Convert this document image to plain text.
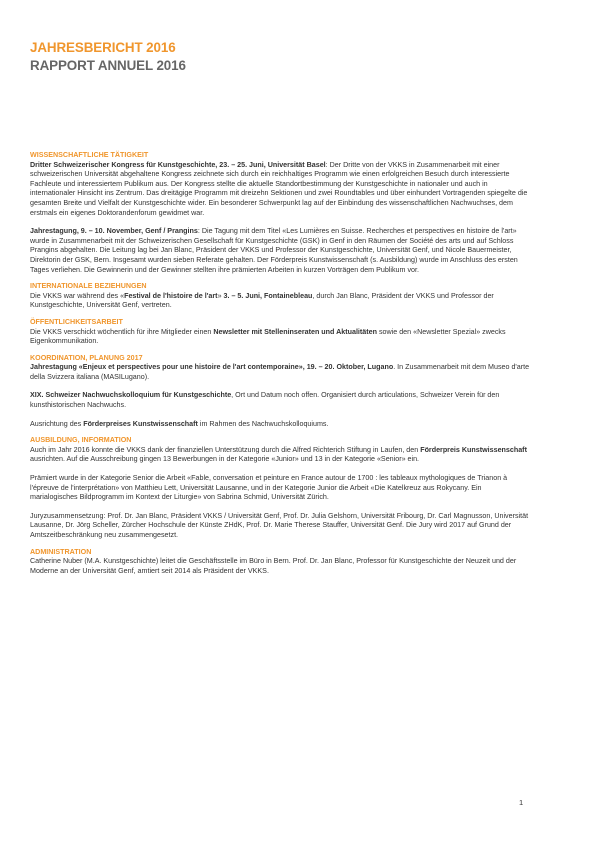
JAHRESBERICHT 2016
RAPPORT ANNUEL 2016
WISSENSCHAFTLICHE TÄTIGKEIT

Dritter Schweizerischer Kongress für Kunstgeschichte, 23. – 25. Juni, Universität Basel: Der Dritte von der VKKS in Zusammenarbeit mit einer schweizerischen Universität abgehaltene Kongress zeichnete sich durch ein reichhaltiges Programm wie einen erfolgreichen Besuch durch interessierte Fachleute und interessiertem Publikum aus. Der Kongress stellte die aktuelle Standortbestimmung der Kunstgeschichte in nationaler und auch in internationaler Hinsicht ins Zentrum. Das dreitägige Programm mit dreizehn Sektionen und zwei Roundtables und über einhundert Vortragenden spiegelte die gesamten Breite und Vielfalt der Kunstgeschichte wider. Ein besonderer Schwerpunkt lag auf der Einbindung des wissenschaftlichen Nachwuchses, dem erstmals ein eigenes Doktorandenforum gewidmet war.

Jahrestagung, 9. – 10. November, Genf / Prangins: Die Tagung mit dem Titel «Les Lumières en Suisse. Recherches et perspectives en histoire de l'art» wurde in Zusammenarbeit mit der Schweizerischen Gesellschaft für Kunstgeschichte (GSK) in Genf in den Räumen der Société des arts und auf Schloss Prangins abgehalten. Die Leitung lag bei Jan Blanc, Präsident der VKKS und Professor der Kunstgeschichte, Universität Genf, und Nicole Bauermeister, Direktorin der GSK, Bern. Insgesamt wurden sieben Referate gehalten. Der Förderpreis Kunstwissenschaft (s. Ausbildung) wurde im Anschluss des ersten Tages verliehen. Die Gewinnerin und der Gewinner stellten ihre prämierten Arbeiten in kurzen Vorträgen dem Publikum vor.

INTERNATIONALE BEZIEHUNGEN

Die VKKS war während des «Festival de l'histoire de l'art» 3. – 5. Juni, Fontainebleau, durch Jan Blanc, Präsident der VKKS und Professor der Kunstgeschichte, Universität Genf, vertreten.

ÖFFENTLICHKEITSARBEIT

Die VKKS verschickt wöchentlich für ihre Mitglieder einen Newsletter mit Stelleninseraten und Aktualitäten sowie den «Newsletter Spezial» zwecks Eigenkommunikation.

KOORDINATION, PLANUNG 2017

Jahrestagung «Enjeux et perspectives pour une histoire de l'art contemporaine», 19. – 20. Oktober, Lugano. In Zusammenarbeit mit dem Museo d'arte della Svizzera italiana (MASILugano).

XIX. Schweizer Nachwuchskolloquium für Kunstgeschichte, Ort und Datum noch offen. Organisiert durch articulations, Schweizer Verein für den kunsthistorischen Nachwuchs.

Ausrichtung des Förderpreises Kunstwissenschaft im Rahmen des Nachwuchskolloquiums.

AUSBILDUNG, INFORMATION

Auch im Jahr 2016 konnte die VKKS dank der finanziellen Unterstützung durch die Alfred Richterich Stiftung in Laufen, den Förderpreis Kunstwissenschaft ausrichten. Auf die Ausschreibung gingen 13 Bewerbungen in der Kategorie «Junior» und 13 in der Kategorie «Senior» ein.

Prämiert wurde in der Kategorie Senior die Arbeit «Fable, conversation et peinture en France autour de 1700 : les tableaux mythologiques de Trianon à l'épreuve de l'interprétation» von Matthieu Lett, Universität Lausanne, und in der Kategorie Junior die Arbeit «Die Katelkreuz aus Rokycany. Ein marialogisches Bildprogramm im Kontext der Liturgie» von Sabrina Schmid, Universität Zürich.

Juryzusammensetzung: Prof. Dr. Jan Blanc, Präsident VKKS / Universität Genf, Prof. Dr. Julia Gelshorn, Universität Fribourg, Dr. Carl Magnusson, Universität Lausanne, Dr. Jörg Scheller, Zürcher Hochschule der Künste ZHdK, Prof. Dr. Marie Therese Stauffer, Universität Genf. Die Jury wird 2017 auf Grund der Amtszeitbeschränkung neu zusammengesetzt.

ADMINISTRATION

Catherine Nuber (M.A. Kunstgeschichte) leitet die Geschäftsstelle im Büro in Bern. Prof. Dr. Jan Blanc, Professor für Kunstgeschichte der Neuzeit und der Moderne an der Universität Genf, amtiert seit 2014 als Präsident der VKKS.

1
